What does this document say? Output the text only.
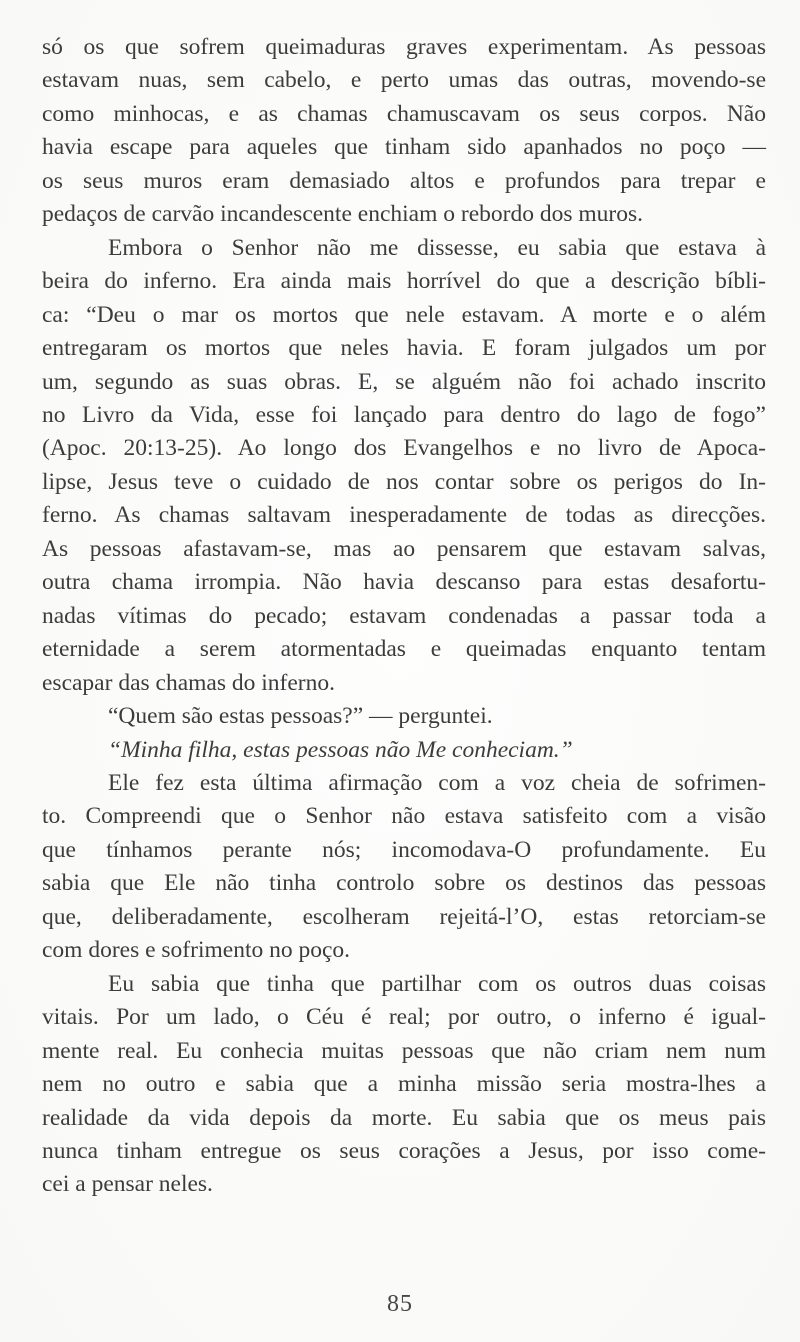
só os que sofrem queimaduras graves experimentam. As pessoas
estavam nuas, sem cabelo, e perto umas das outras, movendo-se
como minhocas, e as chamas chamuscavam os seus corpos. Não
havia escape para aqueles que tinham sido apanhados no poço —
os seus muros eram demasiado altos e profundos para trepar e
pedaços de carvão incandescente enchiam o rebordo dos muros.
Embora o Senhor não me dissesse, eu sabia que estava à
beira do inferno. Era ainda mais horrível do que a descrição bíbli-
ca: “Deu o mar os mortos que nele estavam. A morte e o além
entregaram os mortos que neles havia. E foram julgados um por
um, segundo as suas obras. E, se alguém não foi achado inscrito
no Livro da Vida, esse foi lançado para dentro do lago de fogo”
(Apoc. 20:13-25). Ao longo dos Evangelhos e no livro de Apoca-
lipse, Jesus teve o cuidado de nos contar sobre os perigos do In-
ferno. As chamas saltavam inesperadamente de todas as direcções.
As pessoas afastavam-se, mas ao pensarem que estavam salvas,
outra chama irrompia. Não havia descanso para estas desafortu-
nadas vítimas do pecado; estavam condenadas a passar toda a
eternidade a serem atormentadas e queimadas enquanto tentam
escapar das chamas do inferno.
“Quem são estas pessoas?” — perguntei.
“Minha filha, estas pessoas não Me conheciam.”
Ele fez esta última afirmação com a voz cheia de sofrimen-
to. Compreendi que o Senhor não estava satisfeito com a visão
que tínhamos perante nós; incomodava-O profundamente. Eu
sabia que Ele não tinha controlo sobre os destinos das pessoas
que, deliberadamente, escolheram rejeitá-l’O, estas retorciam-se
com dores e sofrimento no poço.
Eu sabia que tinha que partilhar com os outros duas coisas
vitais. Por um lado, o Céu é real; por outro, o inferno é igual-
mente real. Eu conhecia muitas pessoas que não criam nem num
nem no outro e sabia que a minha missão seria mostra-lhes a
realidade da vida depois da morte. Eu sabia que os meus pais
nunca tinham entregue os seus corações a Jesus, por isso come-
cei a pensar neles.
85
